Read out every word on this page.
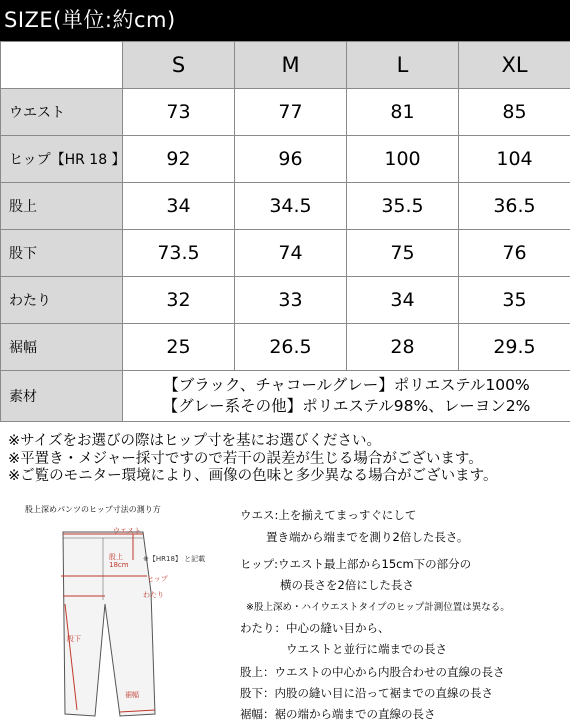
SIZE(単位:約cm)
	S	M	L	XL
ウエスト	73	77	81	85
ヒップ【HR 18 】	92	96	100	104
股上	34	34.5	35.5	36.5
股下	73.5	74	75	76
わたり	32	33	34	35
裾幅	25	26.5	28	29.5
素材	【ブラック、チャコールグレー】ポリエステル100%
【グレー系その他】ポリエステル98%、レーヨン2%			
※サイズをお選びの際はヒップ寸を基にお選びください。
※平置き・メジャー採寸ですので若干の誤差が生じる場合がございます。
※ご覧のモニター環境により、画像の色味と多少異なる場合がございます。
股上深めパンツのヒップ寸法の測り方
ウエスト
股上
18cm
※【HR18】 と記載
ヒップ
わたり
股下
裾幅
ウエス:上を揃えてまっすぐにして
置き端から端までを測り2倍した長さ。
ヒップ:ウエスト最上部から15cm下の部分の
横の長さを2倍にした長さ
※股上深め・ハイウエストタイプのヒップ計測位置は異なる。
わたり：中心の縫い目から、
ウエストと並行に端までの長さ
股上：ウエストの中心から内股合わせの直線の長さ
股下：内股の縫い目に沿って裾までの直線の長さ
裾幅：裾の端から端までの直線の長さ
